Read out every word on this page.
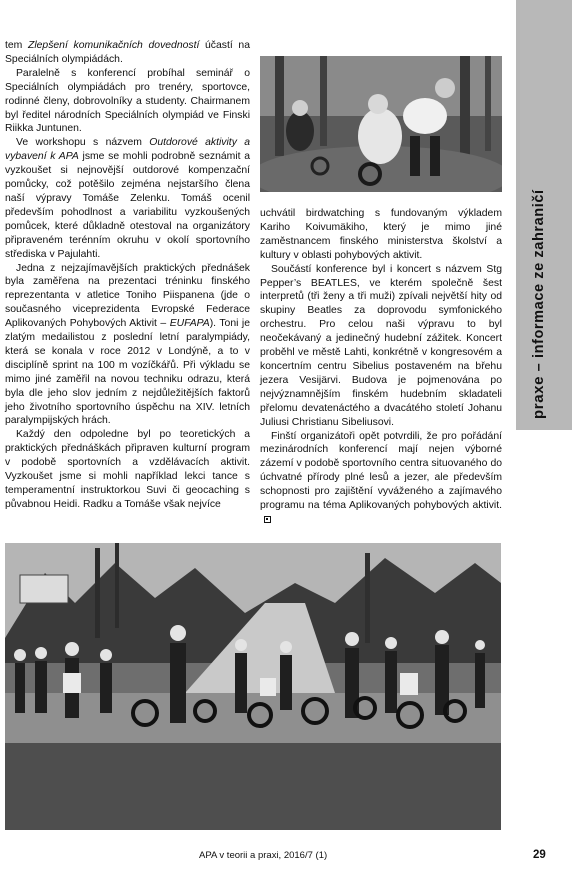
praxe – informace ze zahraničí

tem Zlepšení komunikačních dovedností účastí na Speciálních olympiádách.

Paralelně s konferencí probíhal seminář o Speciálních olympiádách pro trenéry, sportovce, rodinné členy, dobrovolníky a studenty. Chairmanem byl ředitel národních Speciálních olympiád ve Finski Riikka Juntunen.

Ve workshopu s názvem Outdorové aktivity a vybavení k APA jsme se mohli podrobně seznámit a vyzkoušet si nejnovější outdorové kompenzační pomůcky, což potěšilo zejména nejstaršího člena naší výpravy Tomáše Zelenku. Tomáš ocenil především pohodlnost a variabilitu vyzkoušených pomůcek, které důkladně otestoval na organizátory připraveném terénním okruhu v okolí sportovního střediska v Pajulahti.

Jedna z nejzajímavějších praktických přednášek byla zaměřena na prezentaci tréninku finského reprezentanta v atletice Toniho Piispanena (jde o současného viceprezidenta Evropské Federace Aplikovaných Pohybových Aktivit – EUFAPA). Toni je zlatým medailistou z poslední letní paralympiády, která se konala v roce 2012 v Londýně, a to v disciplíně sprint na 100 m vozíčkářů. Při výkladu se mimo jiné zaměřil na novou techniku odrazu, která byla dle jeho slov jedním z nejdůležitějších faktorů jeho životního sportovního úspěchu na XIV. letních paralympijských hrách.

Každý den odpoledne byl po teoretických a praktických přednáškách připraven kulturní program v podobě sportovních a vzdělávacích aktivit. Vyzkoušet jsme si mohli například lekci tance s temperamentní instruktorkou Suvi či geocaching s půvabnou Heidi. Radku a Tomáše však nejvíce

uchvátil birdwatching s fundovaným výkladem Kariho Koivumäkiho, který je mimo jiné zaměstnancem finského ministerstva školství a kultury v oblasti pohybových aktivit.

Součástí konference byl i koncert s názvem Stg Pepper’s BEATLES, ve kterém společně šest interpretů (tři ženy a tři muži) zpívali největší hity od skupiny Beatles za doprovodu symfonického orchestru. Pro celou naši výpravu to byl neočekávaný a jedinečný hudební zážitek. Koncert proběhl ve městě Lahti, konkrétně v kongresovém a koncertním centru Sibelius postaveném na břehu jezera Vesijärvi. Budova je pojmenována po nejvýznamnějším finském hudebním skladateli přelomu devatenáctého a dvacátého století Johanu Juliusi Christianu Sibeliusovi.

Finští organizátoři opět potvrdili, že pro pořádání mezinárodních konferencí mají nejen výborné zázemí v podobě sportovního centra situovaného do úchvatné přírody plné lesů a jezer, ale především schopnosti pro zajištění vyváženého a zajímavého programu na téma Aplikovaných pohybových aktivit.

APA v teorii a praxi, 2016/7 (1)	29
